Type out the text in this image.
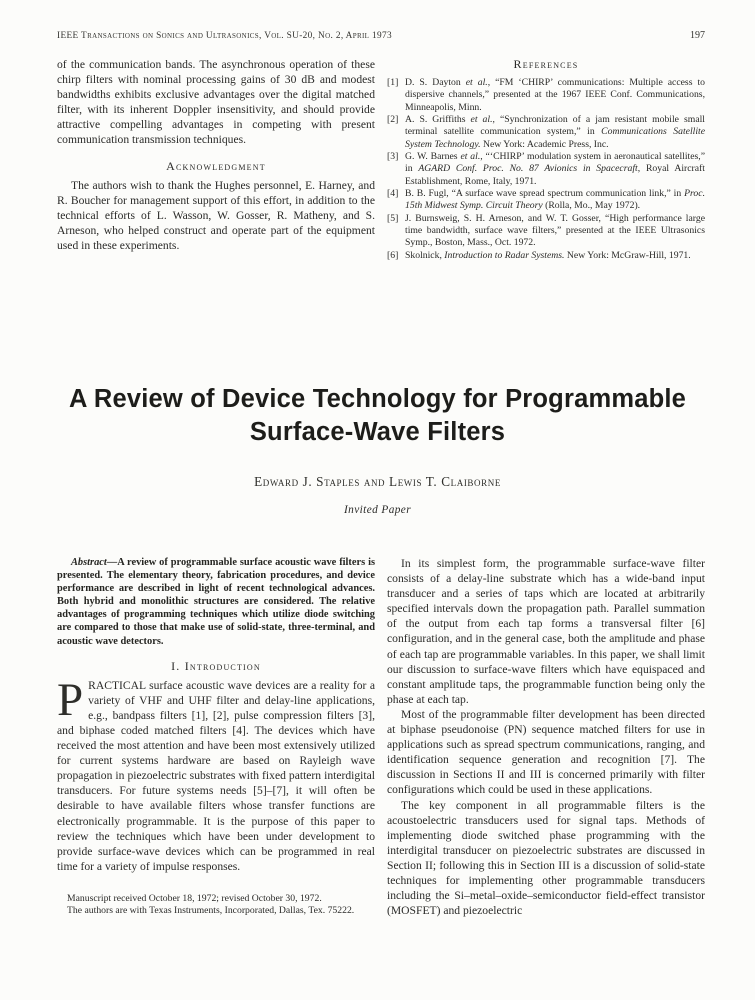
IEEE Transactions on Sonics and Ultrasonics, Vol. SU-20, No. 2, April 1973	197

of the communication bands. The asynchronous operation of these chirp filters with nominal processing gains of 30 dB and modest bandwidths exhibits exclusive advantages over the digital matched filter, with its inherent Doppler insensitivity, and should provide attractive compelling advantages in competing with present communication transmission techniques.

Acknowledgment

The authors wish to thank the Hughes personnel, E. Harney, and R. Boucher for management support of this effort, in addition to the technical efforts of L. Wasson, W. Gosser, R. Matheny, and S. Arneson, who helped construct and operate part of the equipment used in these experiments.

References
[1] D. S. Dayton et al., “FM ‘CHIRP’ communications: Multiple access to dispersive channels,” presented at the 1967 IEEE Conf. Communications, Minneapolis, Minn.
[2] A. S. Griffiths et al., “Synchronization of a jam resistant mobile small terminal satellite communication system,” in Communications Satellite System Technology. New York: Academic Press, Inc.
[3] G. W. Barnes et al., “‘CHIRP’ modulation system in aeronautical satellites,” in AGARD Conf. Proc. No. 87 Avionics in Spacecraft, Royal Aircraft Establishment, Rome, Italy, 1971.
[4] B. B. Fugl, “A surface wave spread spectrum communication link,” in Proc. 15th Midwest Symp. Circuit Theory (Rolla, Mo., May 1972).
[5] J. Burnsweig, S. H. Arneson, and W. T. Gosser, “High performance large time bandwidth, surface wave filters,” presented at the IEEE Ultrasonics Symp., Boston, Mass., Oct. 1972.
[6] Skolnick, Introduction to Radar Systems. New York: McGraw-Hill, 1971.
A Review of Device Technology for Programmable
Surface-Wave Filters
Edward J. Staples and Lewis T. Claiborne
Invited Paper

Abstract—A review of programmable surface acoustic wave filters is presented. The elementary theory, fabrication procedures, and device performance are described in light of recent technological advances. Both hybrid and monolithic structures are considered. The relative advantages of programming techniques which utilize diode switching are compared to those that make use of solid-state, three-terminal, and acoustic wave detectors.

I. Introduction

PRACTICAL surface acoustic wave devices are a reality for a variety of VHF and UHF filter and delay-line applications, e.g., bandpass filters [1], [2], pulse compression filters [3], and biphase coded matched filters [4]. The devices which have received the most attention and have been most extensively utilized for current systems hardware are based on Rayleigh wave propagation in piezoelectric substrates with fixed pattern interdigital transducers. For future systems needs [5]–[7], it will often be desirable to have available filters whose transfer functions are electronically programmable. It is the purpose of this paper to review the techniques which have been under development to provide surface-wave devices which can be programmed in real time for a variety of impulse responses.

Manuscript received October 18, 1972; revised October 30, 1972.

The authors are with Texas Instruments, Incorporated, Dallas, Tex. 75222.

In its simplest form, the programmable surface-wave filter consists of a delay-line substrate which has a wide-band input transducer and a series of taps which are located at arbitrarily specified intervals down the propagation path. Parallel summation of the output from each tap forms a transversal filter [6] configuration, and in the general case, both the amplitude and phase of each tap are programmable variables. In this paper, we shall limit our discussion to surface-wave filters which have equispaced and constant amplitude taps, the programmable function being only the phase at each tap.

Most of the programmable filter development has been directed at biphase pseudonoise (PN) sequence matched filters for use in applications such as spread spectrum communications, ranging, and identification sequence generation and recognition [7]. The discussion in Sections II and III is concerned primarily with filter configurations which could be used in these applications.

The key component in all programmable filters is the acoustoelectric transducers used for signal taps. Methods of implementing diode switched phase programming with the interdigital transducer on piezoelectric substrates are discussed in Section II; following this in Section III is a discussion of solid-state techniques for implementing other programmable transducers including the Si–metal–oxide–semiconductor field-effect transistor (MOSFET) and piezoelectric
